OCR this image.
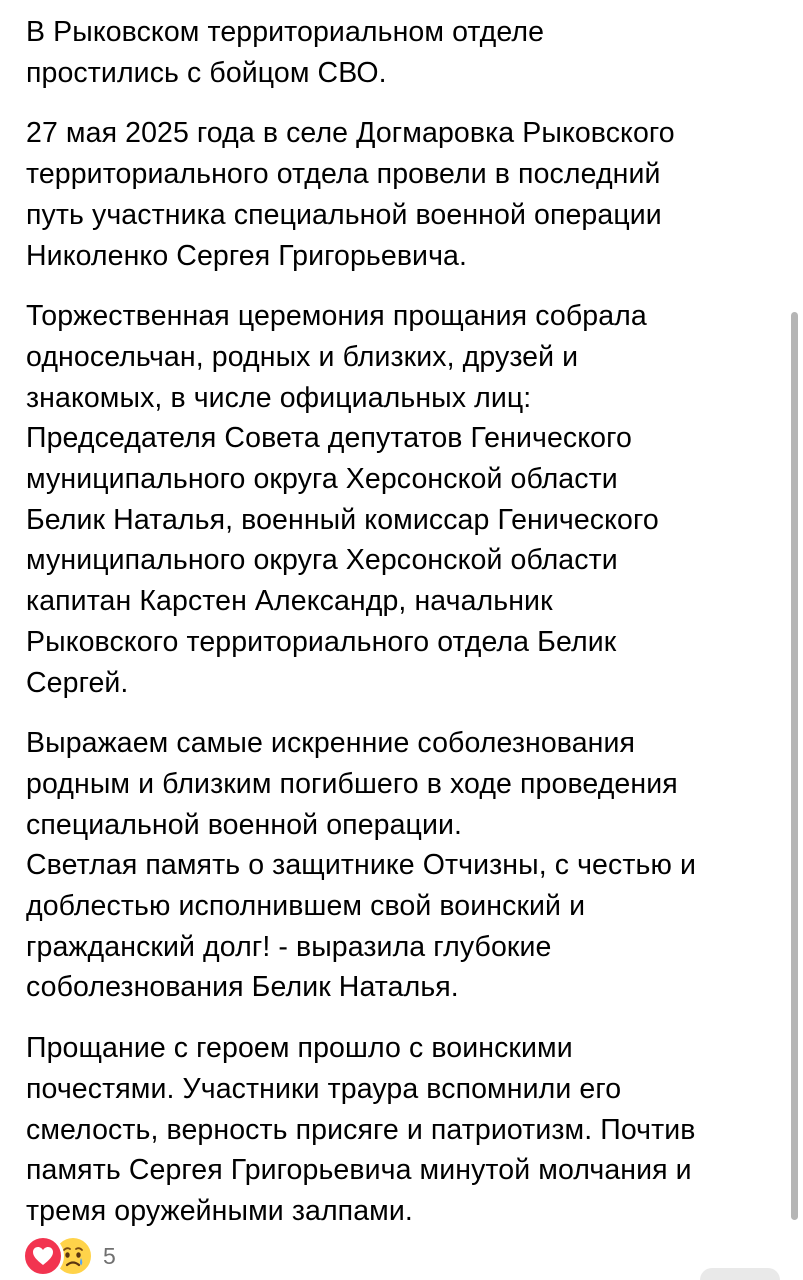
В Рыковском территориальном отделе
простились с бойцом СВО.

27 мая 2025 года в селе Догмаровка Рыковского
территориального отдела провели в последний
путь участника специальной военной операции
Николенко Сергея Григорьевича.

Торжественная церемония прощания собрала
односельчан, родных и близких, друзей и
знакомых, в числе официальных лиц:
Председателя Совета депутатов Генического
муниципального округа Херсонской области
Белик Наталья, военный комиссар Генического
муниципального округа Херсонской области
капитан Карстен Александр, начальник
Рыковского территориального отдела Белик
Сергей.

Выражаем самые искренние соболезнования
родным и близким погибшего в ходе проведения
специальной военной операции.
Светлая память о защитнике Отчизны, с честью и
доблестью исполнившем свой воинский и
гражданский долг! - выразила глубокие
соболезнования Белик Наталья.

Прощание с героем прошло с воинскими
почестями. Участники траура вспомнили его
смелость, верность присяге и патриотизм. Почтив
память Сергея Григорьевича минутой молчания и
тремя оружейными залпами.

5
